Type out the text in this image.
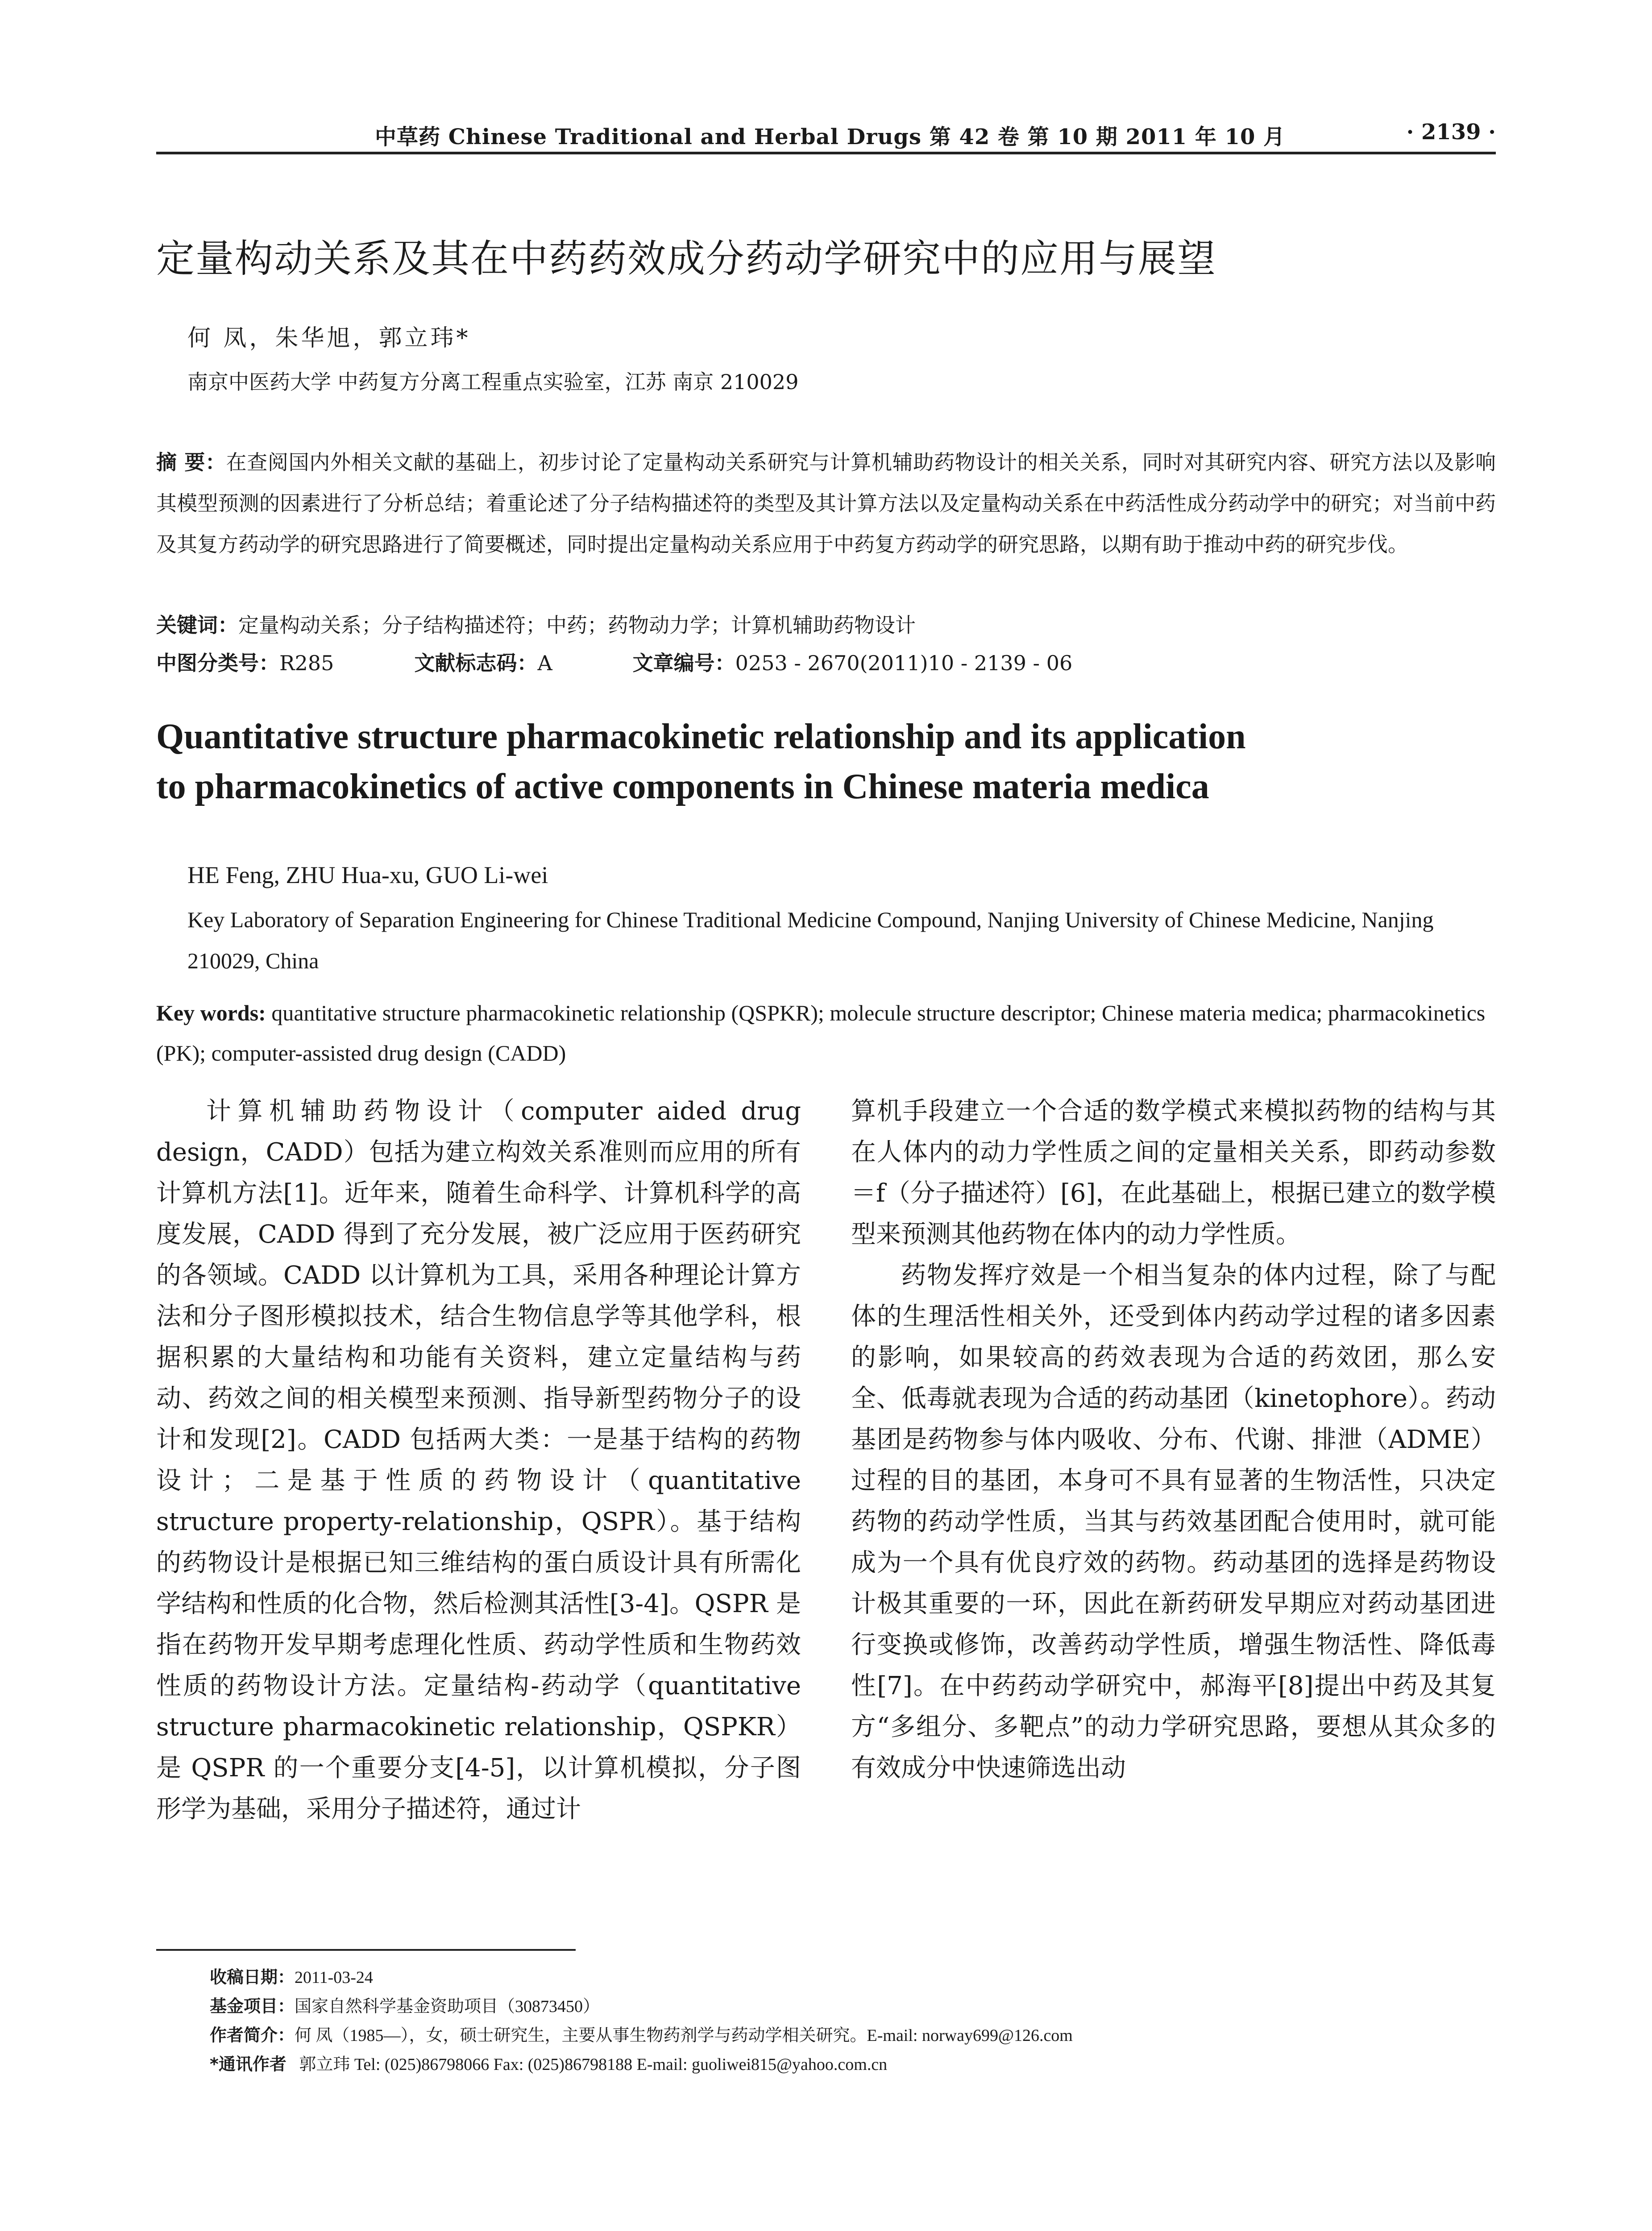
中草药 Chinese Traditional and Herbal Drugs 第 42 卷 第 10 期 2011 年 10 月	· 2139 ·
定量构动关系及其在中药药效成分药动学研究中的应用与展望
何 凤，朱华旭，郭立玮*
南京中医药大学 中药复方分离工程重点实验室，江苏 南京 210029
摘 要：在查阅国内外相关文献的基础上，初步讨论了定量构动关系研究与计算机辅助药物设计的相关关系，同时对其研究内容、研究方法以及影响其模型预测的因素进行了分析总结；着重论述了分子结构描述符的类型及其计算方法以及定量构动关系在中药活性成分药动学中的研究；对当前中药及其复方药动学的研究思路进行了简要概述，同时提出定量构动关系应用于中药复方药动学的研究思路，以期有助于推动中药的研究步伐。
关键词：定量构动关系；分子结构描述符；中药；药物动力学；计算机辅助药物设计
中图分类号：R285	文献标志码：A	文章编号：0253 - 2670(2011)10 - 2139 - 06
Quantitative structure pharmacokinetic relationship and its application
to pharmacokinetics of active components in Chinese materia medica
HE Feng, ZHU Hua-xu, GUO Li-wei
Key Laboratory of Separation Engineering for Chinese Traditional Medicine Compound, Nanjing University of Chinese Medicine, Nanjing 210029, China
Key words: quantitative structure pharmacokinetic relationship (QSPKR); molecule structure descriptor; Chinese materia medica; pharmacokinetics (PK); computer-assisted drug design (CADD)
计算机辅助药物设计（computer aided drug design，CADD）包括为建立构效关系准则而应用的所有计算机方法[1]。近年来，随着生命科学、计算机科学的高度发展，CADD 得到了充分发展，被广泛应用于医药研究的各领域。CADD 以计算机为工具，采用各种理论计算方法和分子图形模拟技术，结合生物信息学等其他学科，根据积累的大量结构和功能有关资料，建立定量结构与药动、药效之间的相关模型来预测、指导新型药物分子的设计和发现[2]。CADD 包括两大类：一是基于结构的药物设计；二是基于性质的药物设计（quantitative structure property-relationship，QSPR）。基于结构的药物设计是根据已知三维结构的蛋白质设计具有所需化学结构和性质的化合物，然后检测其活性[3-4]。QSPR 是指在药物开发早期考虑理化性质、药动学性质和生物药效性质的药物设计方法。定量结构-药动学（quantitative structure pharmacokinetic relationship，QSPKR）是 QSPR 的一个重要分支[4-5]，以计算机模拟，分子图形学为基础，采用分子描述符，通过计

算机手段建立一个合适的数学模式来模拟药物的结构与其在人体内的动力学性质之间的定量相关关系，即药动参数＝f（分子描述符）[6]，在此基础上，根据已建立的数学模型来预测其他药物在体内的动力学性质。

药物发挥疗效是一个相当复杂的体内过程，除了与配体的生理活性相关外，还受到体内药动学过程的诸多因素的影响，如果较高的药效表现为合适的药效团，那么安全、低毒就表现为合适的药动基团（kinetophore）。药动基团是药物参与体内吸收、分布、代谢、排泄（ADME）过程的目的基团，本身可不具有显著的生物活性，只决定药物的药动学性质，当其与药效基团配合使用时，就可能成为一个具有优良疗效的药物。药动基团的选择是药物设计极其重要的一环，因此在新药研发早期应对药动基团进行变换或修饰，改善药动学性质，增强生物活性、降低毒性[7]。在中药药动学研究中，郝海平[8]提出中药及其复方“多组分、多靶点”的动力学研究思路，要想从其众多的有效成分中快速筛选出动

收稿日期：2011-03-24
基金项目：国家自然科学基金资助项目（30873450）
作者简介：何 凤（1985—），女，硕士研究生，主要从事生物药剂学与药动学相关研究。E-mail: norway699@126.com
*通讯作者 郭立玮 Tel: (025)86798066 Fax: (025)86798188 E-mail: guoliwei815@yahoo.com.cn
